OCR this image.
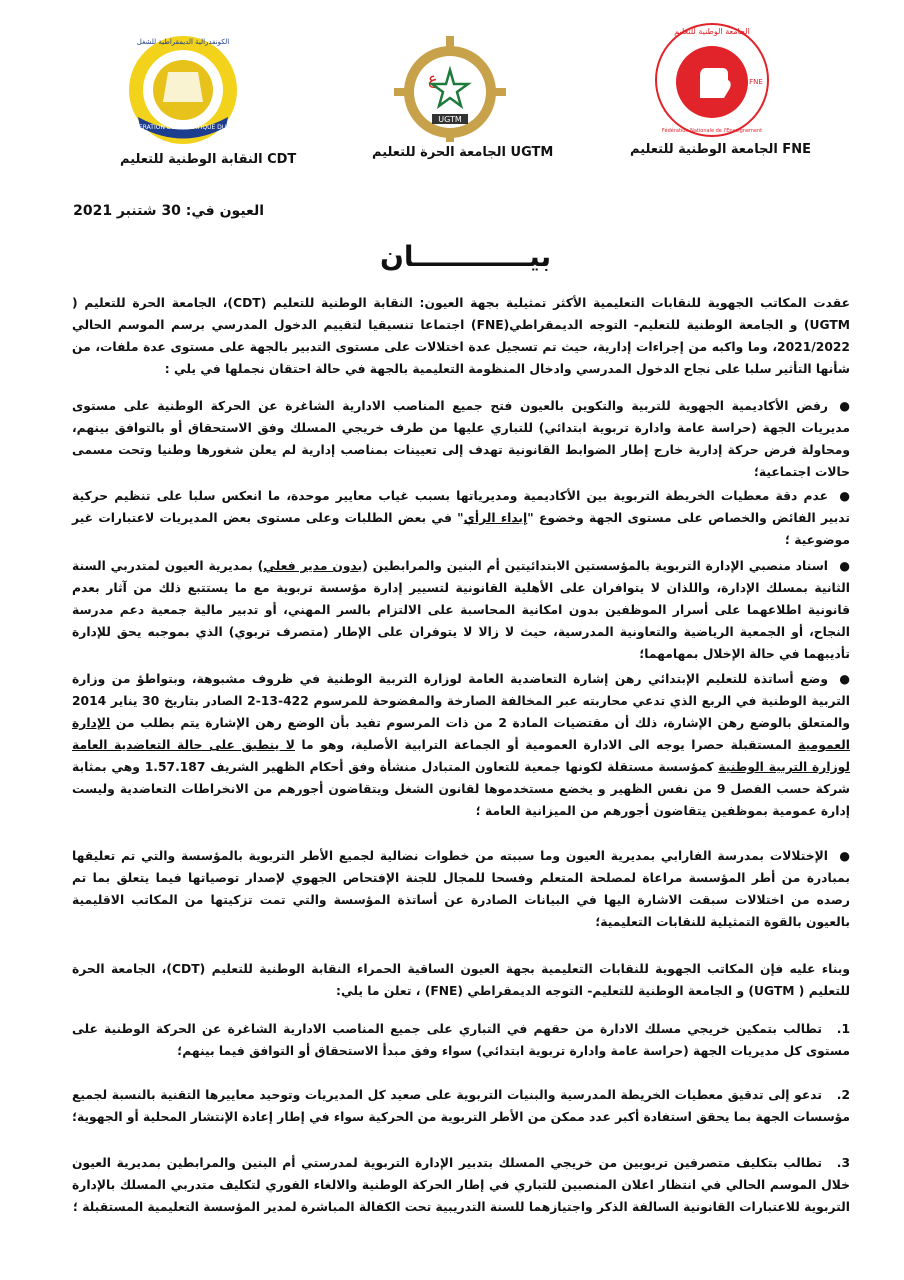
CONFEDERATION DEMOCRATIQUE DU TRAVAIL
الكونفدرالية الديمقراطية للشغل
النقابة الوطنية للتعليم CDT
ع
UGTM
الجامعة الحرة للتعليم UGTM
الجامعة الوطنية للتعليم
Fédération Nationale de l'Enseignement
FNE
الجامعة الوطنية للتعليم FNE
العيون في: 30 شتنبر 2021
بيــــــــــــان

عقدت المكاتب الجهوية للنقابات التعليمية الأكثر تمثيلية بجهة العيون: النقابة الوطنية للتعليم (CDT)، الجامعة الحرة للتعليم ( UGTM) و الجامعة الوطنية للتعليم- التوجه الديمقراطي(FNE) اجتماعا تنسيقيا لتقييم الدخول المدرسي برسم الموسم الحالي 2021/2022، وما واكبه من إجراءات إدارية، حيث تم تسجيل عدة اختلالات على مستوى التدبير بالجهة على مستوى عدة ملفات، من شأنها التأثير سلبا على نجاح الدخول المدرسي وادخال المنظومة التعليمية بالجهة في حالة احتقان نجملها في يلي :

●رفض الأكاديمية الجهوية للتربية والتكوين بالعيون فتح جميع المناصب الادارية الشاغرة عن الحركة الوطنية على مستوى مديريات الجهة (حراسة عامة وادارة تربوية ابتدائي) للتباري عليها من طرف خريجي المسلك وفق الاستحقاق أو بالتوافق بينهم، ومحاولة فرض حركة إدارية خارج إطار الضوابط القانونية تهدف إلى تعيينات بمناصب إدارية لم يعلن شغورها وطنيا وتحت مسمى حالات اجتماعية؛

●عدم دقة معطيات الخريطة التربوية بين الأكاديمية ومديرياتها بسبب غياب معايير موحدة، ما انعكس سلبا على تنظيم حركية تدبير الفائض والخصاص على مستوى الجهة وخضوع "إبداء الرأي" في بعض الطلبات وعلى مستوى بعض المديريات لاعتبارات غير موضوعية ؛

●اسناد منصبي الإدارة التربوية بالمؤسستين الابتدائيتين أم البنين والمرابطين (بدون مدير فعلي) بمديرية العيون لمتدربي السنة الثانية بمسلك الإدارة، واللذان لا يتوافران على الأهلية القانونية لتسيير إدارة مؤسسة تربوية مع ما يستتبع ذلك من آثار بعدم قانونية اطلاعهما على أسرار الموظفين بدون امكانية المحاسبة على الالتزام بالسر المهني، أو تدبير مالية جمعية دعم مدرسة النجاح، أو الجمعية الرياضية والتعاونية المدرسية، حيث لا زالا لا يتوفران على الإطار (متصرف تربوي) الذي بموجبه يحق للإدارة تأديبهما في حالة الإخلال بمهامهما؛

●وضع أساتذة للتعليم الإبتدائي رهن إشارة التعاضدية العامة لوزارة التربية الوطنية في ظروف مشبوهة، وبتواطؤ من وزارة التربية الوطنية في الربع الذي تدعي محاربته عبر المخالفة الصارخة والمفضوحة للمرسوم 422-13-2 الصادر بتاريخ 30 يناير 2014 والمتعلق بالوضع رهن الإشارة، ذلك أن مقتضيات المادة 2 من ذات المرسوم تفيد بأن الوضع رهن الإشارة يتم بطلب من الإدارة العمومية المستقبلة حصرا يوجه الى الادارة العمومية أو الجماعة الترابية الأصلية، وهو ما لا ينطبق على حالة التعاضدية العامة لوزارة التربية الوطنية كمؤسسة مستقلة لكونها جمعية للتعاون المتبادل منشأة وفق أحكام الظهير الشريف 1.57.187 وهي بمثابة شركة حسب الفصل 9 من نفس الظهير و يخضع مستخدموها لقانون الشغل ويتقاضون أجورهم من الانخراطات التعاضدية وليست إدارة عمومية بموظفين يتقاضون أجورهم من الميزانية العامة ؛

●الإختلالات بمدرسة الفارابي بمديرية العيون وما سببته من خطوات نضالية لجميع الأطر التربوية بالمؤسسة والتي تم تعليقها بمبادرة من أطر المؤسسة مراعاة لمصلحة المتعلم وفسحا للمجال للجنة الإفتحاص الجهوي لإصدار توصياتها فيما يتعلق بما تم رصده من اختلالات سبقت الاشارة اليها في البيانات الصادرة عن أساتذة المؤسسة والتي تمت تزكيتها من المكاتب الاقليمية بالعيون بالقوة التمثيلية للنقابات التعليمية؛

وبناء عليه فإن المكاتب الجهوية للنقابات التعليمية بجهة العيون الساقية الحمراء النقابة الوطنية للتعليم (CDT)، الجامعة الحرة للتعليم ( UGTM) و الجامعة الوطنية للتعليم- التوجه الديمقراطي (FNE) ، تعلن ما يلي:

1.تطالب بتمكين خريجي مسلك الادارة من حقهم في التباري على جميع المناصب الادارية الشاغرة عن الحركة الوطنية على مستوى كل مديريات الجهة (حراسة عامة وادارة تربوية ابتدائي) سواء وفق مبدأ الاستحقاق أو التوافق فيما بينهم؛

2.تدعو إلى تدقيق معطيات الخريطة المدرسية والبنيات التربوية على صعيد كل المديريات وتوحيد معاييرها التقنية بالنسبة لجميع مؤسسات الجهة بما يحقق استفادة أكبر عدد ممكن من الأطر التربوية من الحركية سواء في إطار إعادة الإنتشار المحلية أو الجهوية؛

3.تطالب بتكليف متصرفين تربويين من خريجي المسلك بتدبير الإدارة التربوية لمدرستي أم البنين والمرابطين بمديرية العيون خلال الموسم الحالي في انتظار اعلان المنصبين للتباري في إطار الحركة الوطنية والالغاء الفوري لتكليف متدربي المسلك بالإدارة التربوية للاعتبارات القانونية السالفة الذكر واجتيازهما للسنة التدريبية تحت الكفالة المباشرة لمدير المؤسسة التعليمية المستقبلة ؛
